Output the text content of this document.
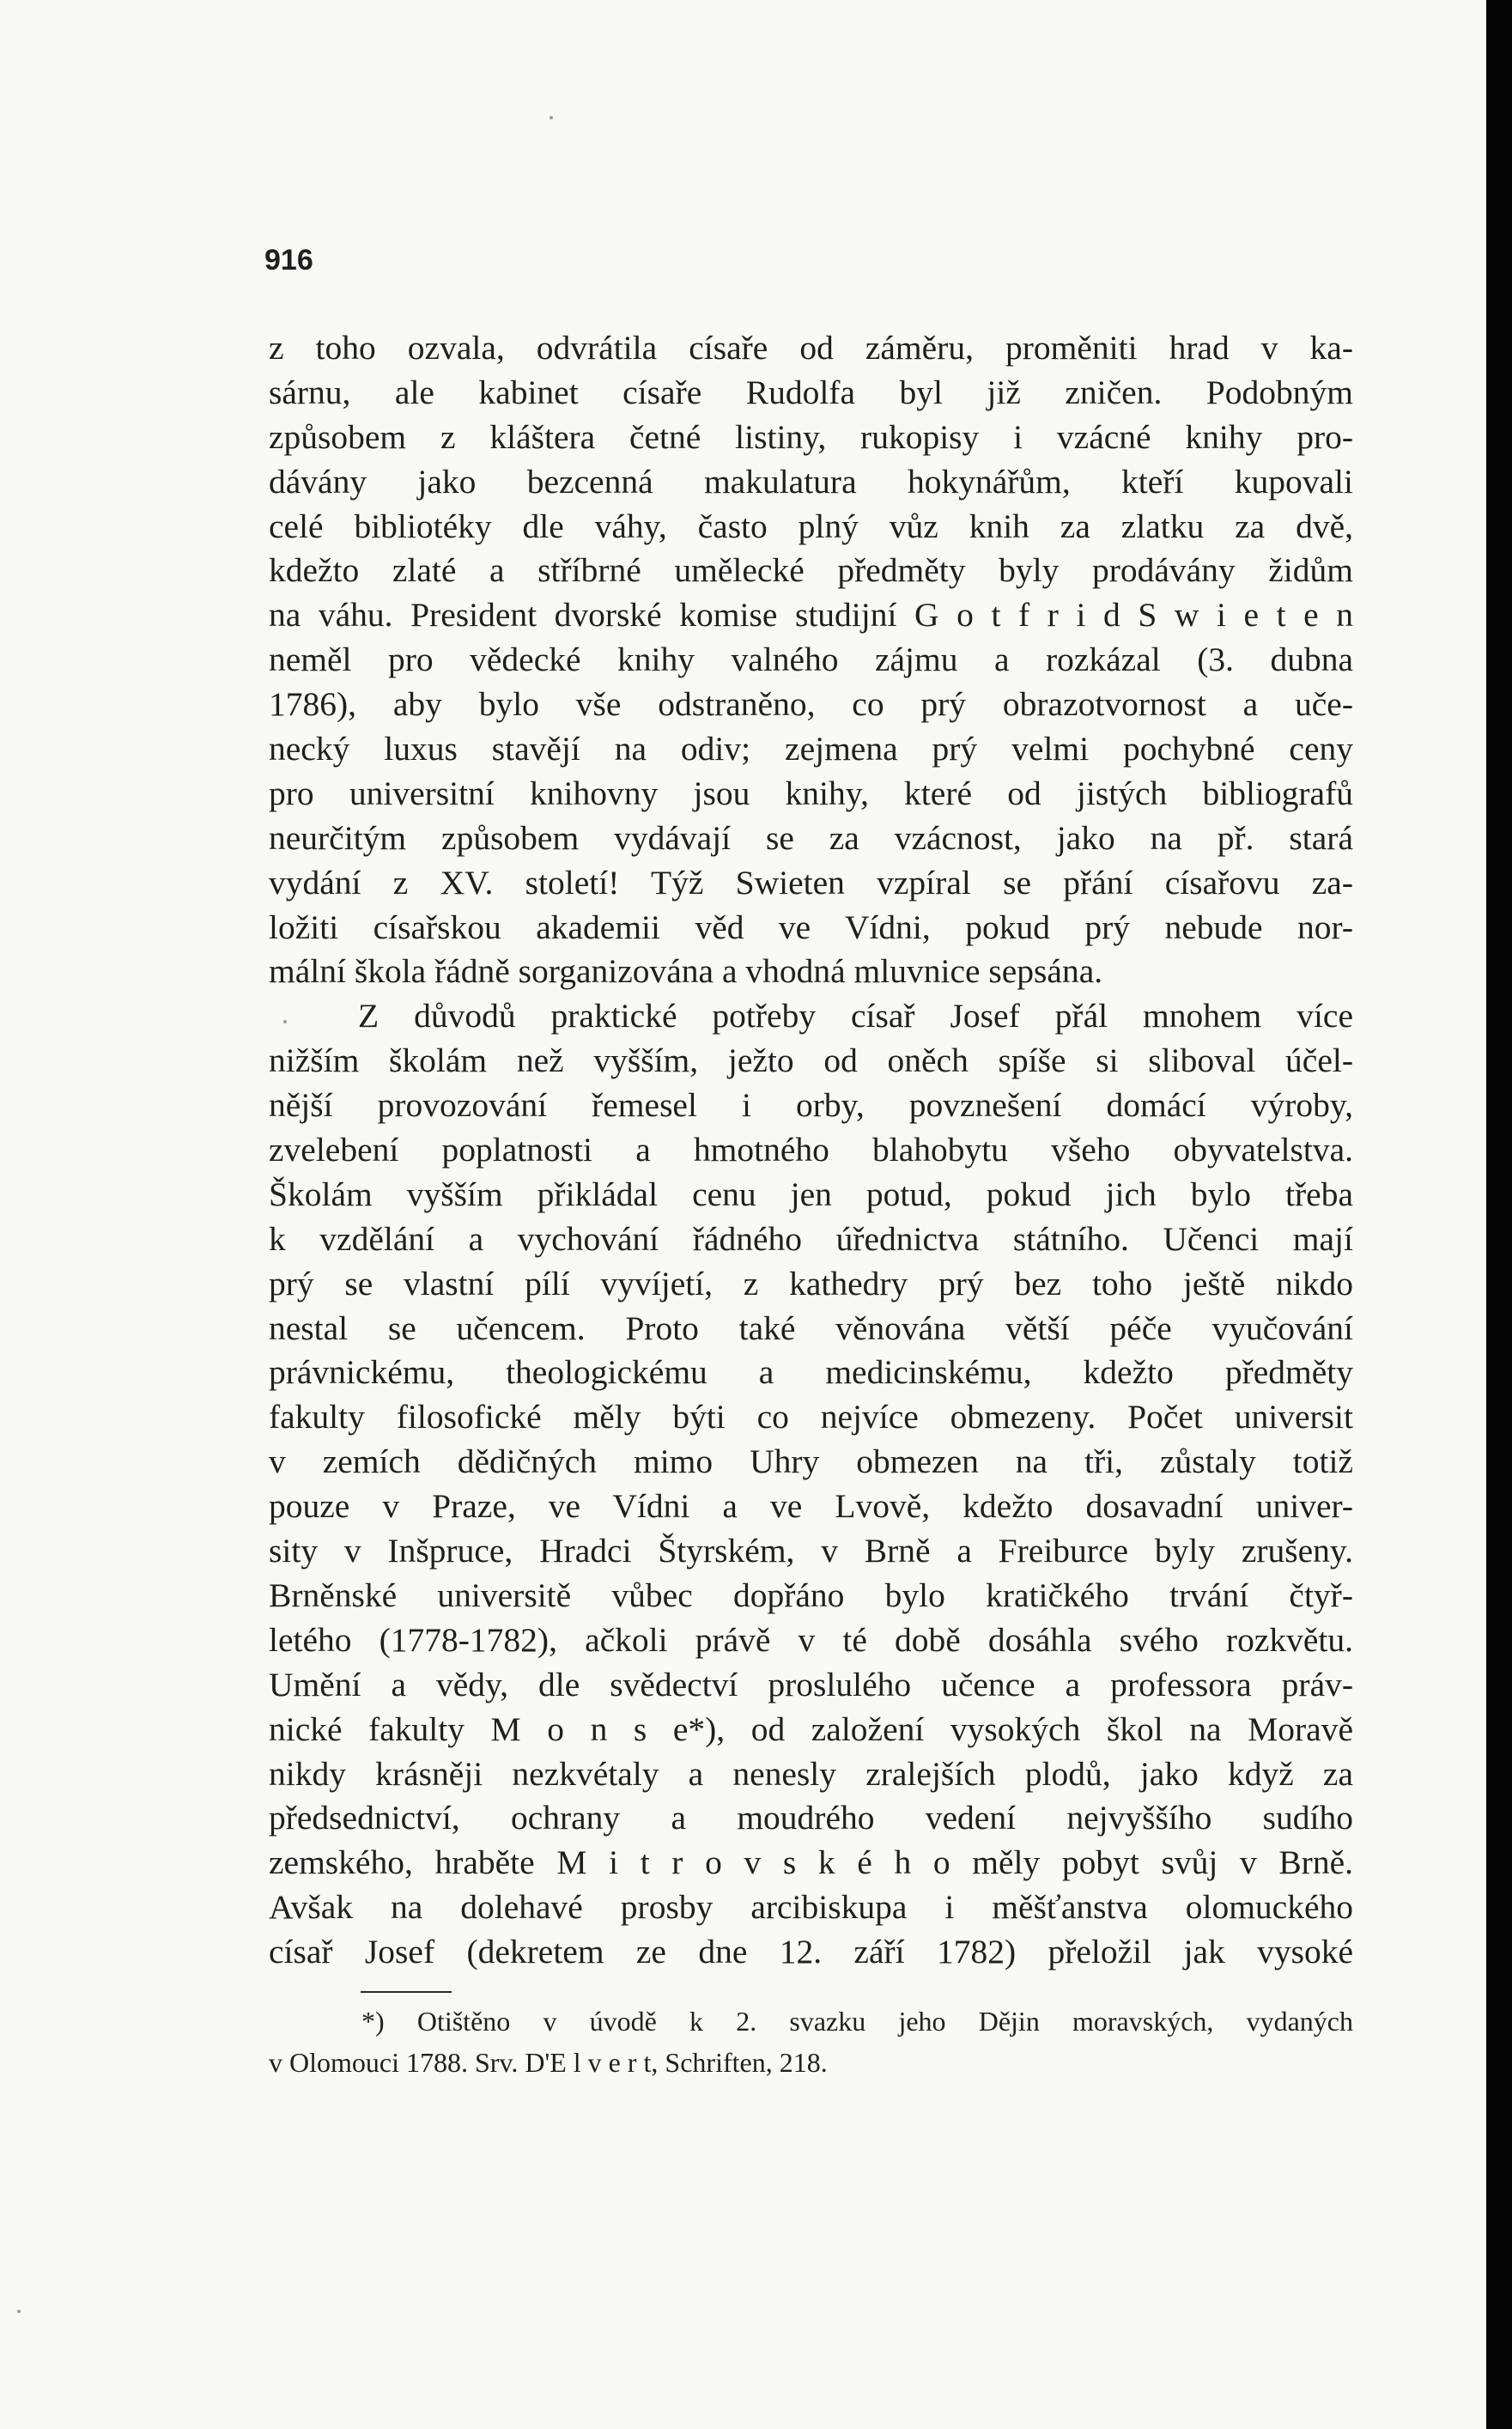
916
z toho ozvala, odvrátila císaře od záměru, proměniti hrad v ka-
sárnu, ale kabinet císaře Rudolfa byl již zničen. Podobným
způsobem z kláštera četné listiny, rukopisy i vzácné knihy pro-
dávány jako bezcenná makulatura hokynářům, kteří kupovali
celé bibliotéky dle váhy, často plný vůz knih za zlatku za dvě,
kdežto zlaté a stříbrné umělecké předměty byly prodávány židům
na váhu. President dvorské komise studijní G o t f r i d S w i e t e n
neměl pro vědecké knihy valného zájmu a rozkázal (3. dubna
1786), aby bylo vše odstraněno, co prý obrazotvornost a uče-
necký luxus stavějí na odiv; zejmena prý velmi pochybné ceny
pro universitní knihovny jsou knihy, které od jistých bibliografů
neurčitým způsobem vydávají se za vzácnost, jako na př. stará
vydání z XV. století! Týž Swieten vzpíral se přání císařovu za-
ložiti císařskou akademii věd ve Vídni, pokud prý nebude nor-
mální škola řádně sorganizována a vhodná mluvnice sepsána.
Z důvodů praktické potřeby císař Josef přál mnohem více
nižším školám než vyšším, ježto od oněch spíše si sliboval účel-
nější provozování řemesel i orby, povznešení domácí výroby,
zvelebení poplatnosti a hmotného blahobytu všeho obyvatelstva.
Školám vyšším přikládal cenu jen potud, pokud jich bylo třeba
k vzdělání a vychování řádného úřednictva státního. Učenci mají
prý se vlastní pílí vyvíjetí, z kathedry prý bez toho ještě nikdo
nestal se učencem. Proto také věnována větší péče vyučování
právnickému, theologickému a medicinskému, kdežto předměty
fakulty filosofické měly býti co nejvíce obmezeny. Počet universit
v zemích dědičných mimo Uhry obmezen na tři, zůstaly totiž
pouze v Praze, ve Vídni a ve Lvově, kdežto dosavadní univer-
sity v Inšpruce, Hradci Štyrském, v Brně a Freiburce byly zrušeny.
Brněnské universitě vůbec dopřáno bylo kratičkého trvání čtyř-
letého (1778-1782), ačkoli právě v té době dosáhla svého rozkvětu.
Umění a vědy, dle svědectví proslulého učence a professora práv-
nické fakulty M o n s e*), od založení vysokých škol na Moravě
nikdy krásněji nezkvétaly a nenesly zralejších plodů, jako když za
předsednictví, ochrany a moudrého vedení nejvyššího sudího
zemského, hraběte M i t r o v s k é h o měly pobyt svůj v Brně.
Avšak na dolehavé prosby arcibiskupa i měšťanstva olomuckého
císař Josef (dekretem ze dne 12. září 1782) přeložil jak vysoké
*) Otištěno v úvodě k 2. svazku jeho Dějin moravských, vydaných
v Olomouci 1788. Srv. D'E l v e r t, Schriften, 218.
